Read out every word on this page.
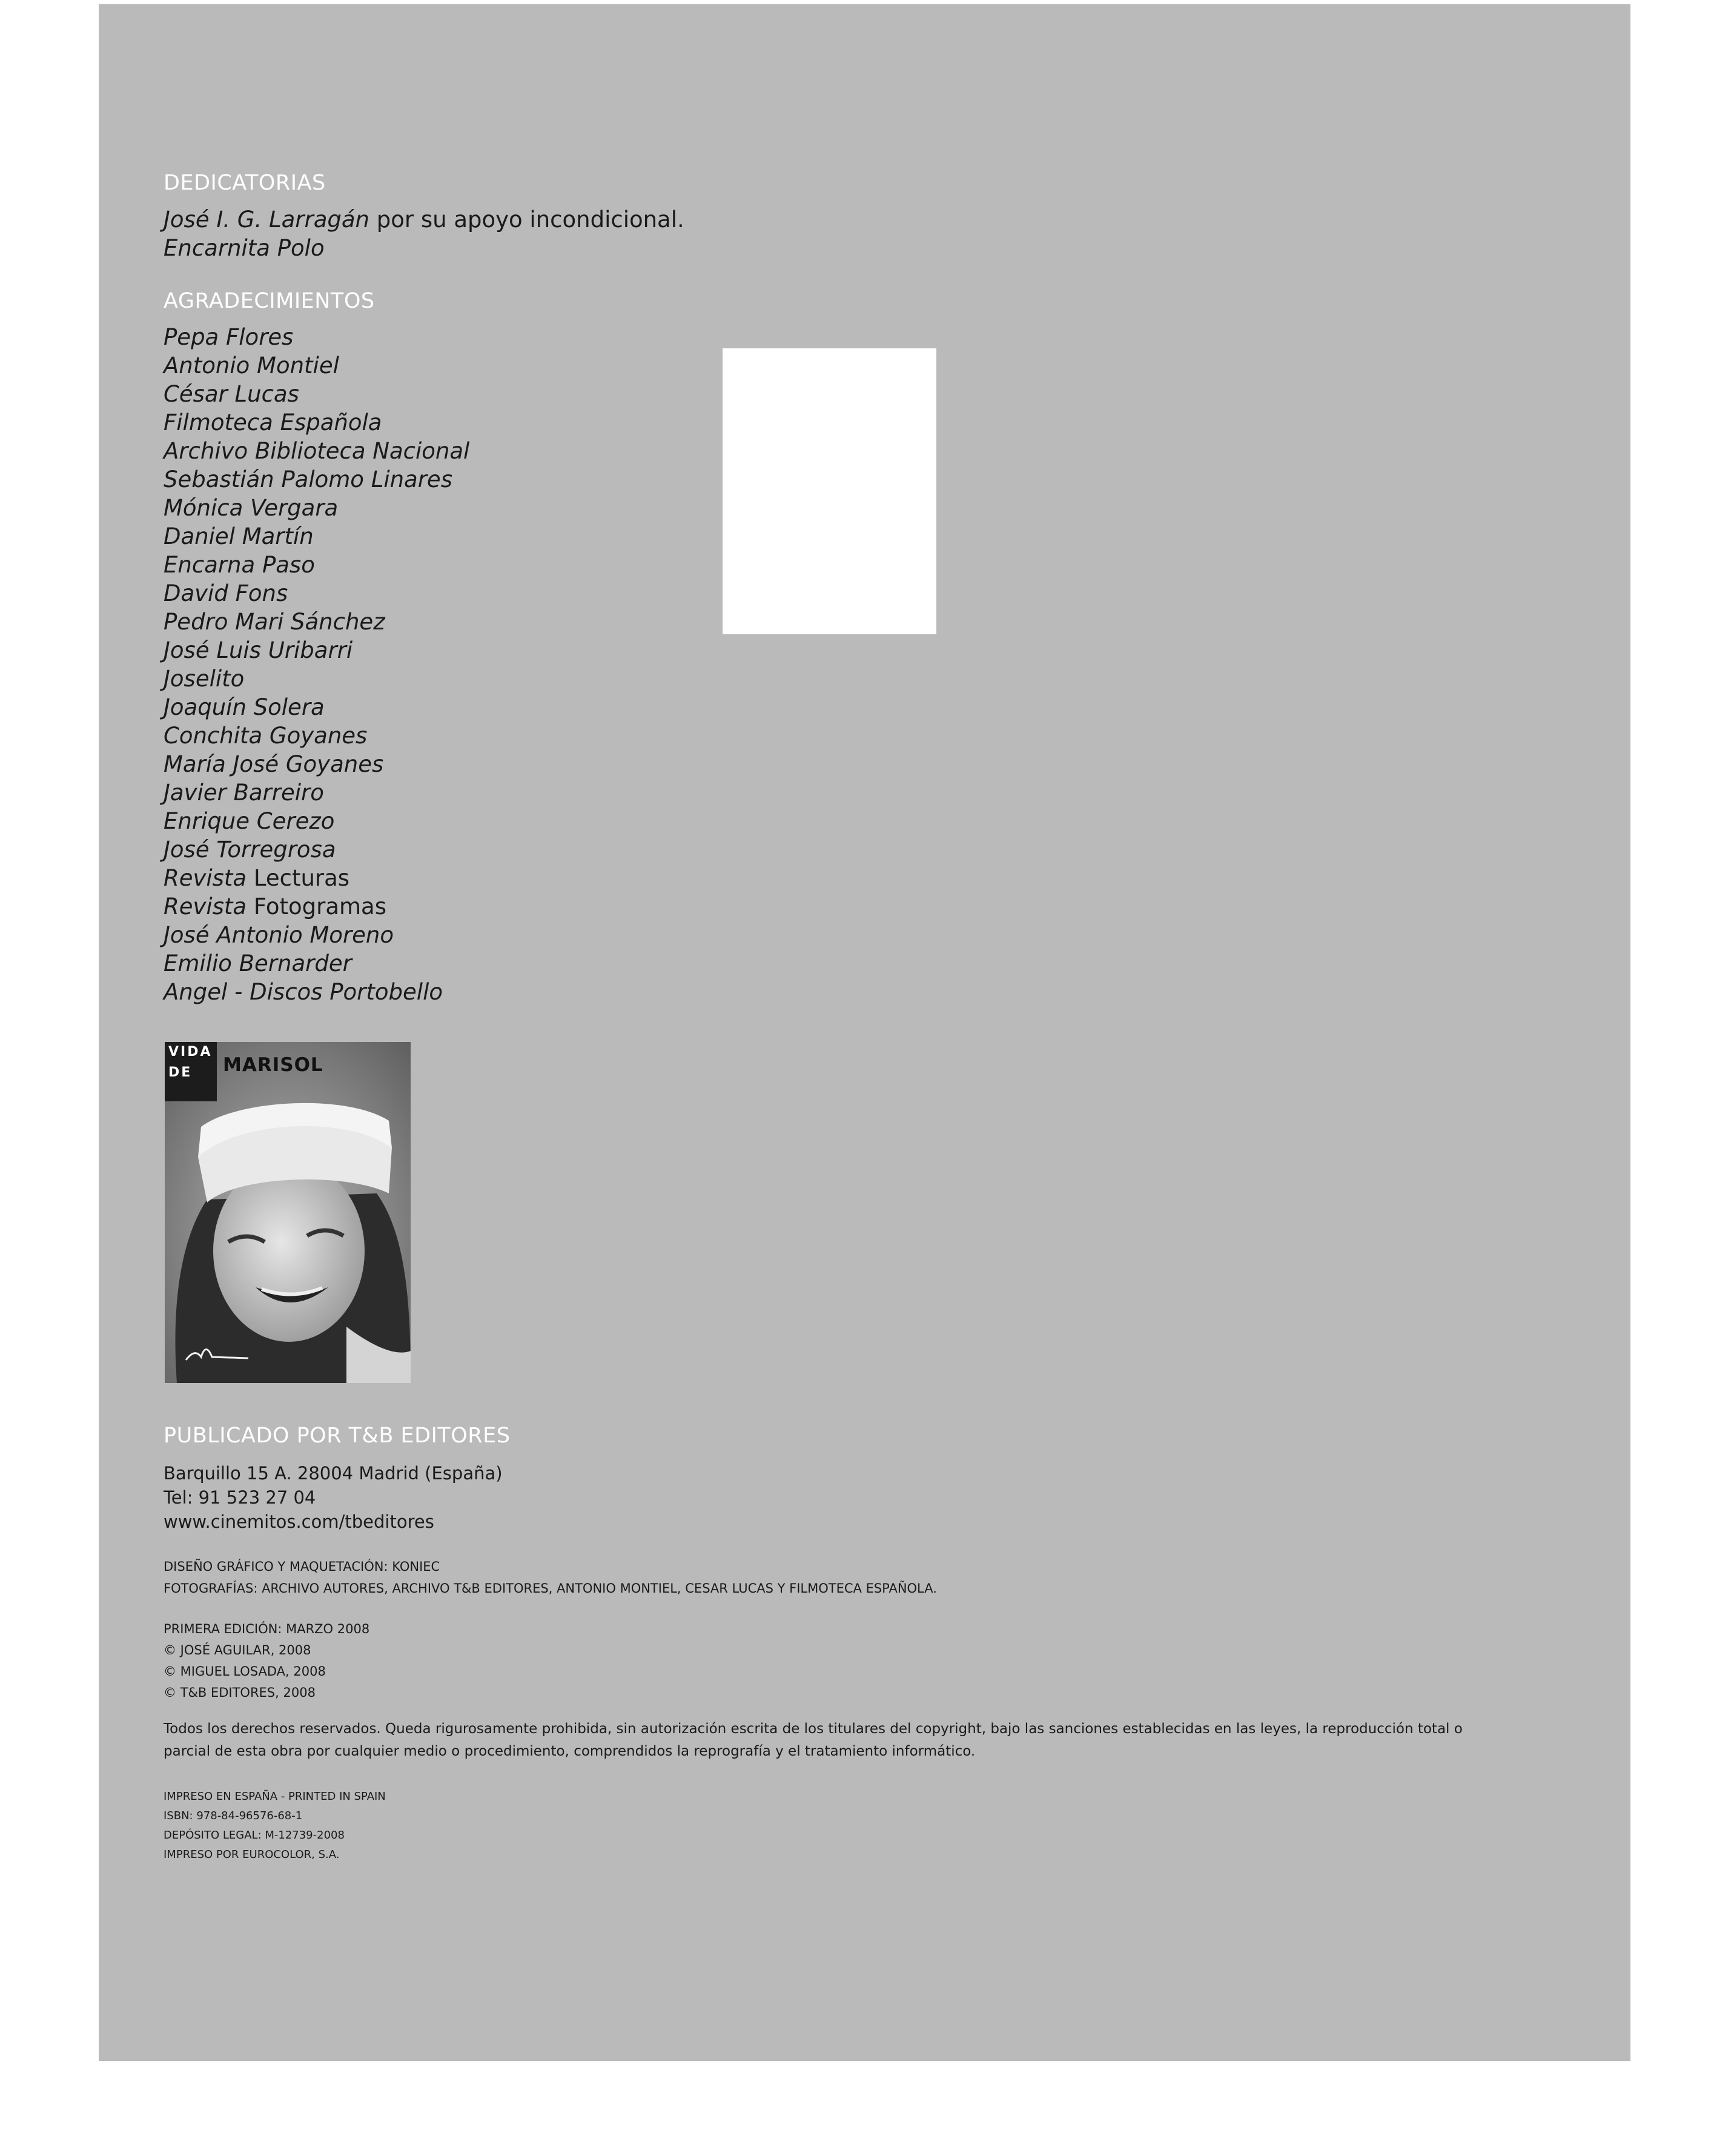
DEDICATORIAS
José I. G. Larragán por su apoyo incondicional.
Encarnita Polo
AGRADECIMIENTOS
Pepa Flores
Antonio Montiel
César Lucas
Filmoteca Española
Archivo Biblioteca Nacional
Sebastián Palomo Linares
Mónica Vergara
Daniel Martín
Encarna Paso
David Fons
Pedro Mari Sánchez
José Luis Uribarri
Joselito
Joaquín Solera
Conchita Goyanes
María José Goyanes
Javier Barreiro
Enrique Cerezo
José Torregrosa
Revista Lecturas
Revista Fotogramas
José Antonio Moreno
Emilio Bernarder
Angel - Discos Portobello
VIDA
DE	MARISOL
PUBLICADO POR T&B EDITORES
Barquillo 15 A. 28004 Madrid (España)
Tel: 91 523 27 04
www.cinemitos.com/tbeditores
DISEÑO GRÁFICO Y MAQUETACIÓN: KONIEC
FOTOGRAFÍAS: ARCHIVO AUTORES, ARCHIVO T&B EDITORES, ANTONIO MONTIEL, CESAR LUCAS Y FILMOTECA ESPAÑOLA.
PRIMERA EDICIÓN: MARZO 2008
© JOSÉ AGUILAR, 2008
© MIGUEL LOSADA, 2008
© T&B EDITORES, 2008

Todos los derechos reservados. Queda rigurosamente prohibida, sin autorización escrita de los titulares del copyright, bajo las sanciones establecidas en las leyes, la reproducción total o parcial de esta obra por cualquier medio o procedimiento, comprendidos la reprografía y el tratamiento informático.

IMPRESO EN ESPAÑA - PRINTED IN SPAIN
ISBN: 978-84-96576-68-1
DEPÓSITO LEGAL: M-12739-2008
IMPRESO POR EUROCOLOR, S.A.
